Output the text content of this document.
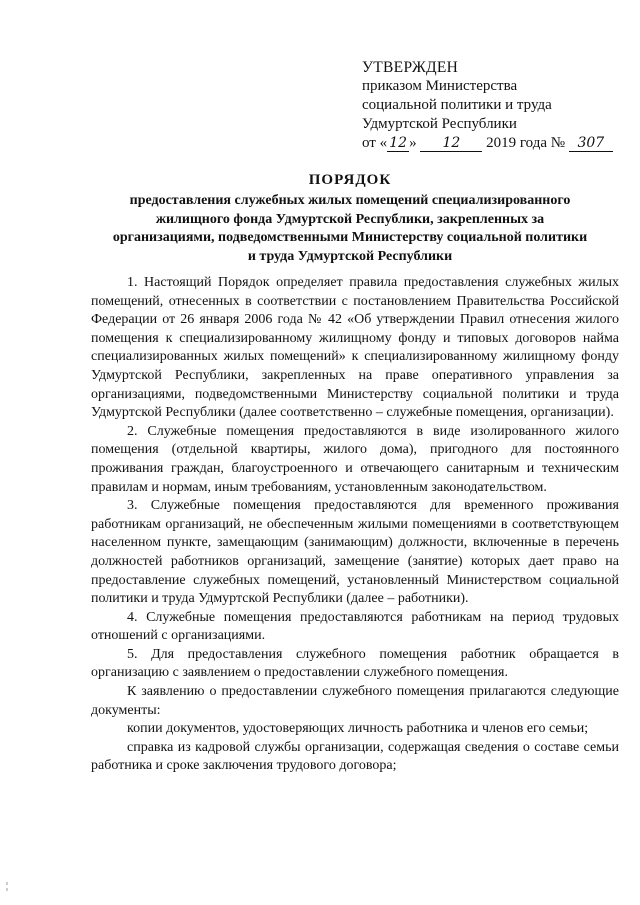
УТВЕРЖДЕН
приказом Министерства
социальной политики и труда
Удмуртской Республики
от « 12 » 12 2019 года № 307
ПОРЯДОК
предоставления служебных жилых помещений специализированного жилищного фонда Удмуртской Республики, закрепленных за организациями, подведомственными Министерству социальной политики и труда Удмуртской Республики

1. Настоящий Порядок определяет правила предоставления служебных жилых помещений, отнесенных в соответствии с постановлением Правительства Российской Федерации от 26 января 2006 года № 42 «Об утверждении Правил отнесения жилого помещения к специализированному жилищному фонду и типовых договоров найма специализированных жилых помещений» к специализированному жилищному фонду Удмуртской Республики, закрепленных на праве оперативного управления за организациями, подведомственными Министерству социальной политики и труда Удмуртской Республики (далее соответственно – служебные помещения, организации).

2. Служебные помещения предоставляются в виде изолированного жилого помещения (отдельной квартиры, жилого дома), пригодного для постоянного проживания граждан, благоустроенного и отвечающего санитарным и техническим правилам и нормам, иным требованиям, установленным законодательством.

3. Служебные помещения предоставляются для временного проживания работникам организаций, не обеспеченным жилыми помещениями в соответствующем населенном пункте, замещающим (занимающим) должности, включенные в перечень должностей работников организаций, замещение (занятие) которых дает право на предоставление служебных помещений, установленный Министерством социальной политики и труда Удмуртской Республики (далее – работники).

4. Служебные помещения предоставляются работникам на период трудовых отношений с организациями.

5. Для предоставления служебного помещения работник обращается в организацию с заявлением о предоставлении служебного помещения.

К заявлению о предоставлении служебного помещения прилагаются следующие документы:

копии документов, удостоверяющих личность работника и членов его семьи;

справка из кадровой службы организации, содержащая сведения о составе семьи работника и сроке заключения трудового договора;
